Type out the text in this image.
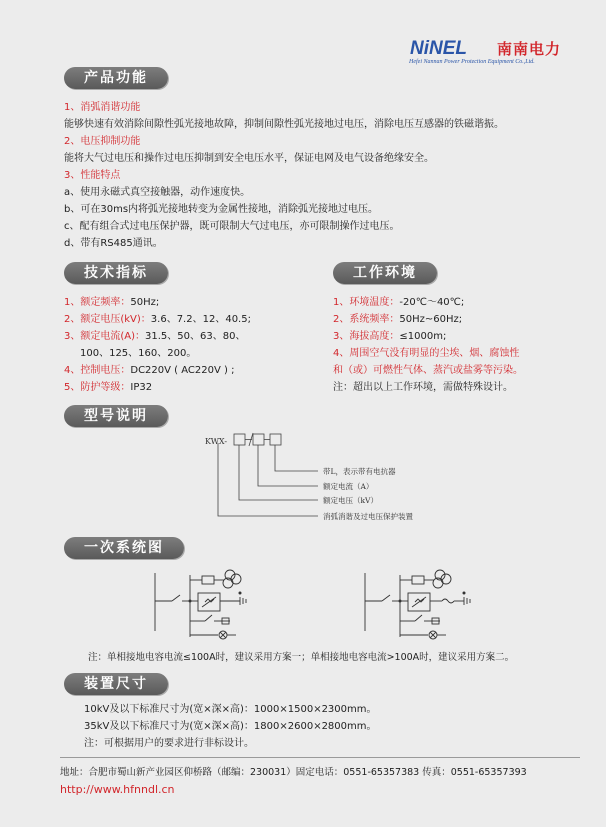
NiNEL 南南电力
Hefei Nannan Power Protection Equipment Co.,Ltd.
产品功能
1、消弧消谐功能
能够快速有效消除间隙性弧光接地故障，抑制间隙性弧光接地过电压，消除电压互感器的铁磁谐振。
2、电压抑制功能
能将大气过电压和操作过电压抑制到安全电压水平，保证电网及电气设备绝缘安全。
3、性能特点
a、使用永磁式真空接触器，动作速度快。
b、可在30ms内将弧光接地转变为金属性接地，消除弧光接地过电压。
c、配有组合式过电压保护器，既可限制大气过电压，亦可限制操作过电压。
d、带有RS485通讯。
技术指标
1、额定频率：50Hz;
2、额定电压(kV)：3.6、7.2、12、40.5;
3、额定电流(A)：31.5、50、63、80、
100、125、160、200。
4、控制电压：DC220V ( AC220V ) ;
5、防护等级：IP32
工作环境
1、环境温度：-20℃～40℃;
2、系统频率：50Hz~60Hz;
3、海拔高度：≤1000m;
4、周围空气没有明显的尘埃、烟、腐蚀性
和（或）可燃性气体、蒸汽或盐雾等污染。
注：超出以上工作环境，需做特殊设计。
型号说明
KWX-
带L，表示带有电抗器
额定电流（A）
额定电压（kV）
消弧消谐及过电压保护装置
一次系统图
注：单相接地电容电流≤100A时，建议采用方案一；单相接地电容电流>100A时，建议采用方案二。
装置尺寸
10kV及以下标准尺寸为(宽×深×高)：1000×1500×2300mm。
35kV及以下标准尺寸为(宽×深×高)：1800×2600×2800mm。
注：可根据用户的要求进行非标设计。
地址：合肥市蜀山新产业园区仰桥路（邮编：230031）固定电话：0551-65357383 传真：0551-65357393
http://www.hfnndl.cn
